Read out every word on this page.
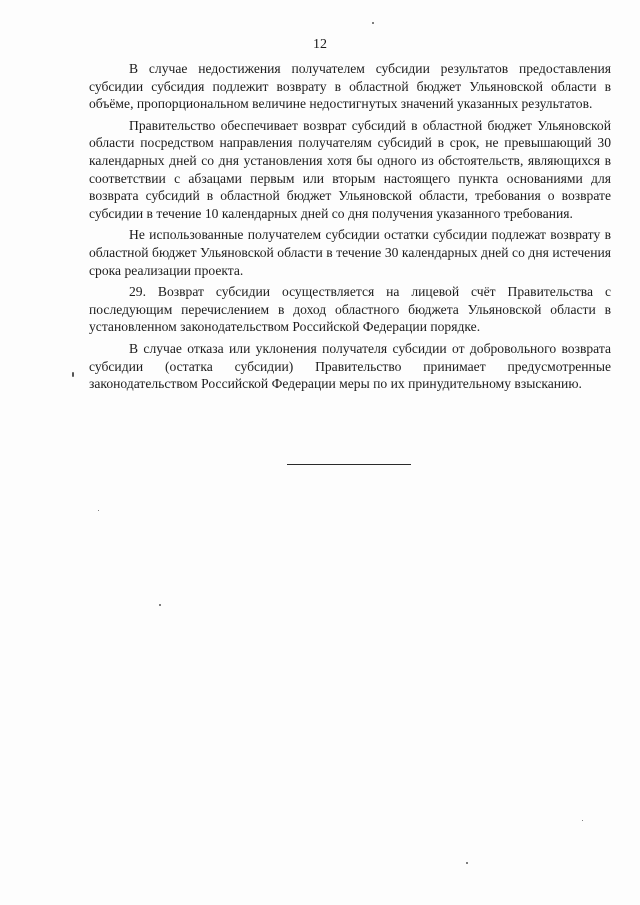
12

В случае недостижения получателем субсидии результатов предоставления субсидии субсидия подлежит возврату в областной бюджет Ульяновской области в объёме, пропорциональном величине недостигнутых значений указанных результатов.

Правительство обеспечивает возврат субсидий в областной бюджет Ульяновской области посредством направления получателям субсидий в срок, не превышающий 30 календарных дней со дня установления хотя бы одного из обстоятельств, являющихся в соответствии с абзацами первым или вторым настоящего пункта основаниями для возврата субсидий в областной бюджет Ульяновской области, требования о возврате субсидии в течение 10 календарных дней со дня получения указанного требования.

Не использованные получателем субсидии остатки субсидии подлежат возврату в областной бюджет Ульяновской области в течение 30 календарных дней со дня истечения срока реализации проекта.

29. Возврат субсидии осуществляется на лицевой счёт Правительства с последующим перечислением в доход областного бюджета Ульяновской области в установленном законодательством Российской Федерации порядке.

В случае отказа или уклонения получателя субсидии от добровольного возврата субсидии (остатка субсидии) Правительство принимает предусмотренные законодательством Российской Федерации меры по их принудительному взысканию.
